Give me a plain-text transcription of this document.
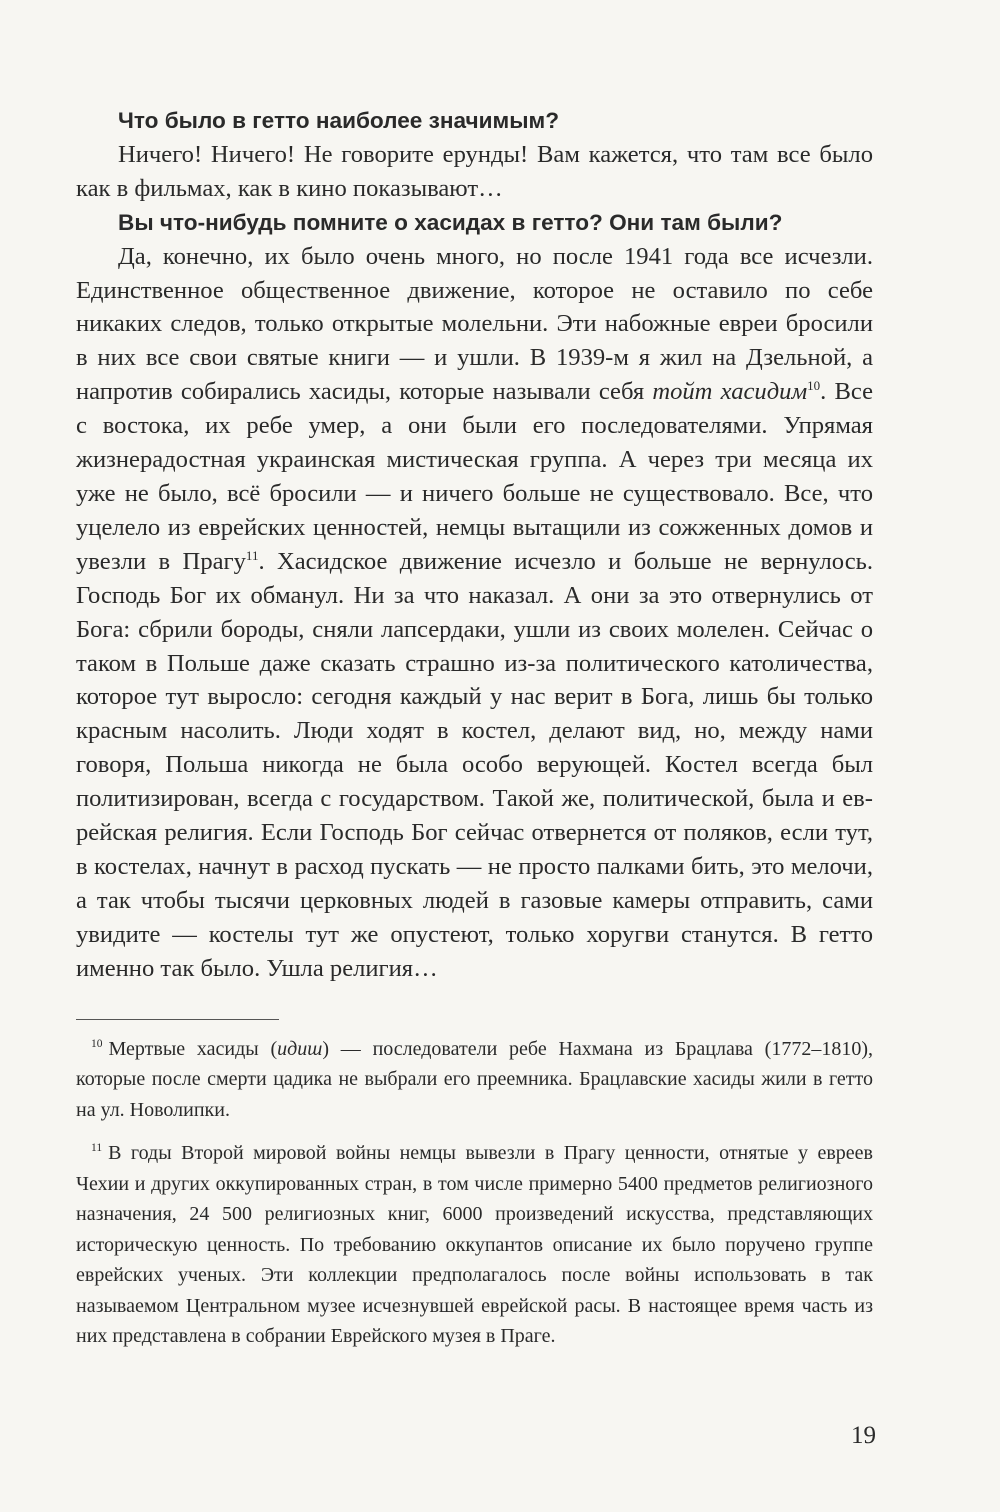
Что было в гетто наиболее значимым?

Ничего! Ничего! Не говорите ерунды! Вам кажется, что там все было как в фильмах, как в кино показывают…

Вы что-нибудь помните о хасидах в гетто? Они там были?

Да, конечно, их было очень много, но после 1941 года все исчезли. Единственное общественное движение, которое не оставило по себе никаких следов, только открытые молельни. Эти набожные евреи бросили в них все свои святые книги — и ушли. В 1939-м я жил на Дзельной, а напротив собирались хасиды, которые называли себя тойт хасидим$^{10}$. Все с востока, их ребе умер, а они были его последователями. Упрямая жизнерадостная украинская мистическая группа. А через три месяца их уже не было, всё бросили — и ничего больше не существовало. Все, что уцелело из еврейских ценностей, немцы вытащили из сожженных домов и увезли в Прагу$^{11}$. Хасидское движение исчезло и больше не вернулось. Господь Бог их обманул. Ни за что наказал. А они за это отвернулись от Бога: сбрили бороды, сняли лапсердаки, ушли из своих молелен. Сейчас о таком в Польше даже сказать страшно из-за политического католичества, которое тут выросло: сегодня каждый у нас верит в Бога, лишь бы только красным насолить. Люди ходят в костел, делают вид, но, между нами говоря, Польша никогда не была особо верующей. Костел всегда был политизирован, всегда с государством. Такой же, политической, была и еврейская религия. Если Господь Бог сейчас отвернется от поляков, если тут, в костелах, начнут в расход пускать — не просто палками бить, это мелочи, а так чтобы тысячи церковных людей в газовые камеры отправить, сами увидите — костелы тут же опустеют, только хоругви станутся. В гетто именно так было. Ушла религия…

$^{10}$ Мертвые хасиды (идиш) — последователи ребе Нахмана из Брацлава (1772–1810), которые после смерти цадика не выбрали его преемника. Брацлавские хасиды жили в гетто на ул. Новолипки.

$^{11}$ В годы Второй мировой войны немцы вывезли в Прагу ценности, отнятые у евреев Чехии и других оккупированных стран, в том числе примерно 5400 предметов религиозного назначения, 24 500 религиозных книг, 6000 произведений искусства, представляющих историческую ценность. По требованию оккупантов описание их было поручено группе еврейских ученых. Эти коллекции предполагалось после войны использовать в так называемом Центральном музее исчезнувшей еврейской расы. В настоящее время часть из них представлена в собрании Еврейского музея в Праге.

19
